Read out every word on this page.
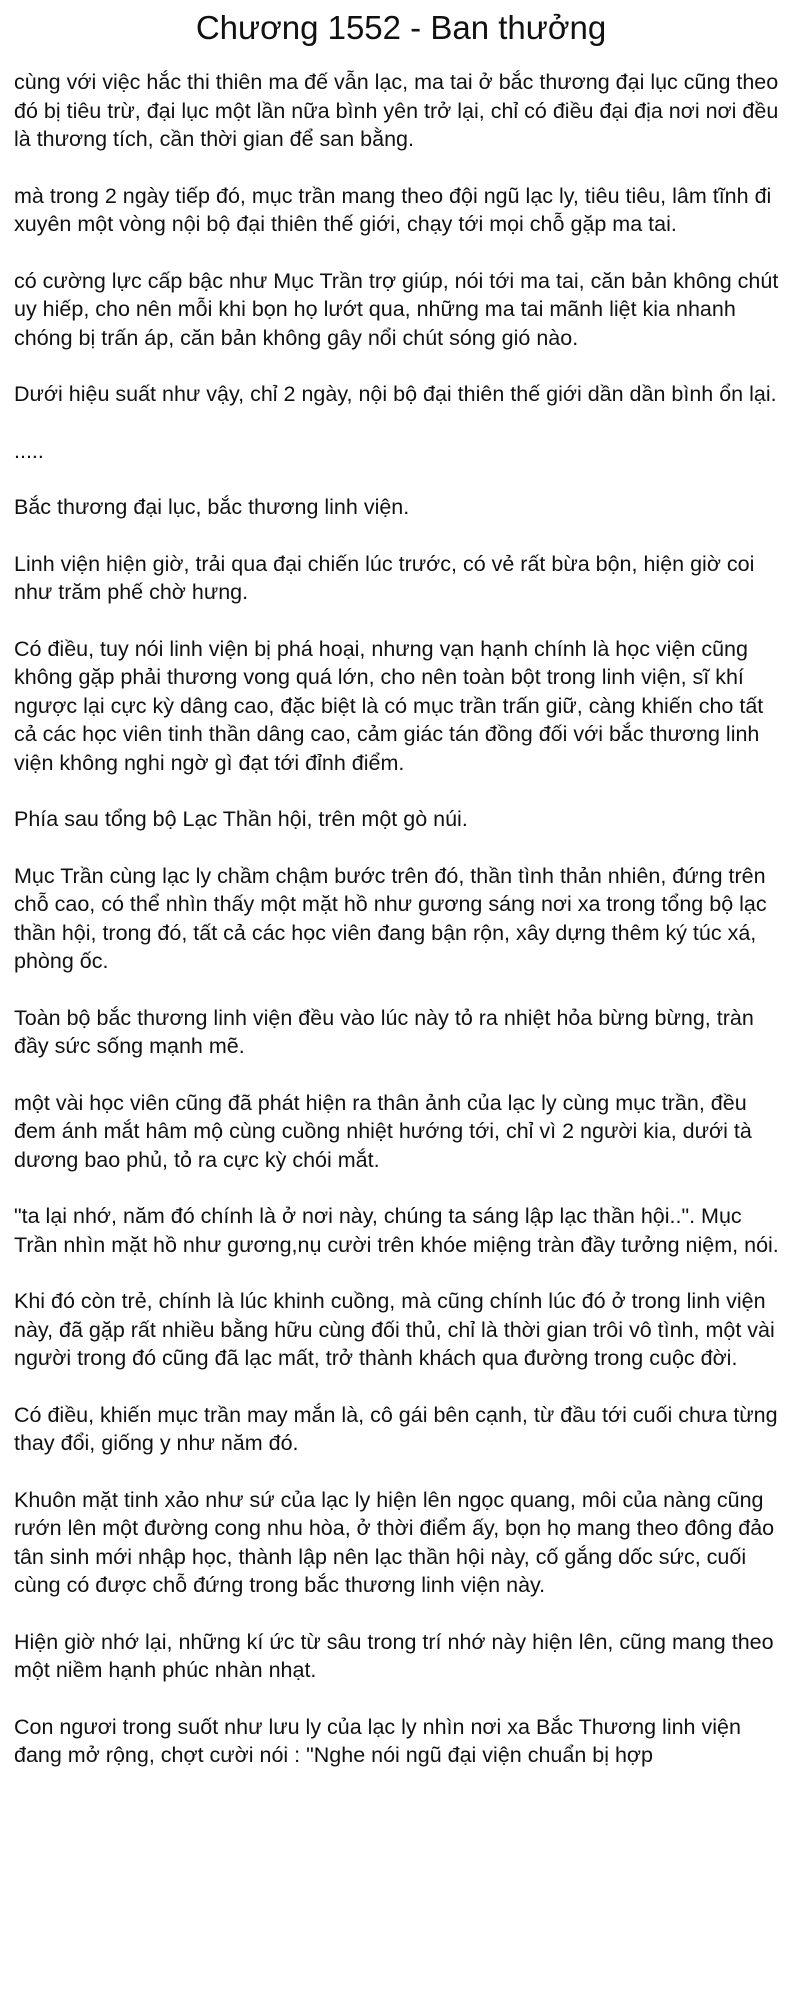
Chương 1552 - Ban thưởng

cùng với việc hắc thi thiên ma đế vẫn lạc, ma tai ở bắc thương đại lục cũng theo đó bị tiêu trừ, đại lục một lần nữa bình yên trở lại, chỉ có điều đại địa nơi nơi đều là thương tích, cần thời gian để san bằng.

mà trong 2 ngày tiếp đó, mục trần mang theo đội ngũ lạc ly, tiêu tiêu, lâm tĩnh đi xuyên một vòng nội bộ đại thiên thế giới, chạy tới mọi chỗ gặp ma tai.

có cường lực cấp bậc như Mục Trần trợ giúp, nói tới ma tai, căn bản không chút uy hiếp, cho nên mỗi khi bọn họ lướt qua, những ma tai mãnh liệt kia nhanh chóng bị trấn áp, căn bản không gây nổi chút sóng gió nào.

Dưới hiệu suất như vậy, chỉ 2 ngày, nội bộ đại thiên thế giới dần dần bình ổn lại.

.....

Bắc thương đại lục, bắc thương linh viện.

Linh viện hiện giờ, trải qua đại chiến lúc trước, có vẻ rất bừa bộn, hiện giờ coi như trăm phế chờ hưng.

Có điều, tuy nói linh viện bị phá hoại, nhưng vạn hạnh chính là học viện cũng không gặp phải thương vong quá lớn, cho nên toàn bột trong linh viện, sĩ khí ngược lại cực kỳ dâng cao, đặc biệt là có mục trần trấn giữ, càng khiến cho tất cả các học viên tinh thần dâng cao, cảm giác tán đồng đối với bắc thương linh viện không nghi ngờ gì đạt tới đỉnh điểm.

Phía sau tổng bộ Lạc Thần hội, trên một gò núi.

Mục Trần cùng lạc ly chầm chậm bước trên đó, thần tình thản nhiên, đứng trên chỗ cao, có thể nhìn thấy một mặt hồ như gương sáng nơi xa trong tổng bộ lạc thần hội, trong đó, tất cả các học viên đang bận rộn, xây dựng thêm ký túc xá, phòng ốc.

Toàn bộ bắc thương linh viện đều vào lúc này tỏ ra nhiệt hỏa bừng bừng, tràn đầy sức sống mạnh mẽ.

một vài học viên cũng đã phát hiện ra thân ảnh của lạc ly cùng mục trần, đều đem ánh mắt hâm mộ cùng cuồng nhiệt hướng tới, chỉ vì 2 người kia, dưới tà dương bao phủ, tỏ ra cực kỳ chói mắt.

"ta lại nhớ, năm đó chính là ở nơi này, chúng ta sáng lập lạc thần hội..". Mục Trần nhìn mặt hồ như gương,nụ cười trên khóe miệng tràn đầy tưởng niệm, nói.

Khi đó còn trẻ, chính là lúc khinh cuồng, mà cũng chính lúc đó ở trong linh viện này, đã gặp rất nhiều bằng hữu cùng đối thủ, chỉ là thời gian trôi vô tình, một vài người trong đó cũng đã lạc mất, trở thành khách qua đường trong cuộc đời.

Có điều, khiến mục trần may mắn là, cô gái bên cạnh, từ đầu tới cuối chưa từng thay đổi, giống y như năm đó.

Khuôn mặt tinh xảo như sứ của lạc ly hiện lên ngọc quang, môi của nàng cũng rướn lên một đường cong nhu hòa, ở thời điểm ấy, bọn họ mang theo đông đảo tân sinh mới nhập học, thành lập nên lạc thần hội này, cố gắng dốc sức, cuối cùng có được chỗ đứng trong bắc thương linh viện này.

Hiện giờ nhớ lại, những kí ức từ sâu trong trí nhớ này hiện lên, cũng mang theo một niềm hạnh phúc nhàn nhạt.

Con ngươi trong suốt như lưu ly của lạc ly nhìn nơi xa Bắc Thương linh viện đang mở rộng, chợt cười nói : "Nghe nói ngũ đại viện chuẩn bị hợp
